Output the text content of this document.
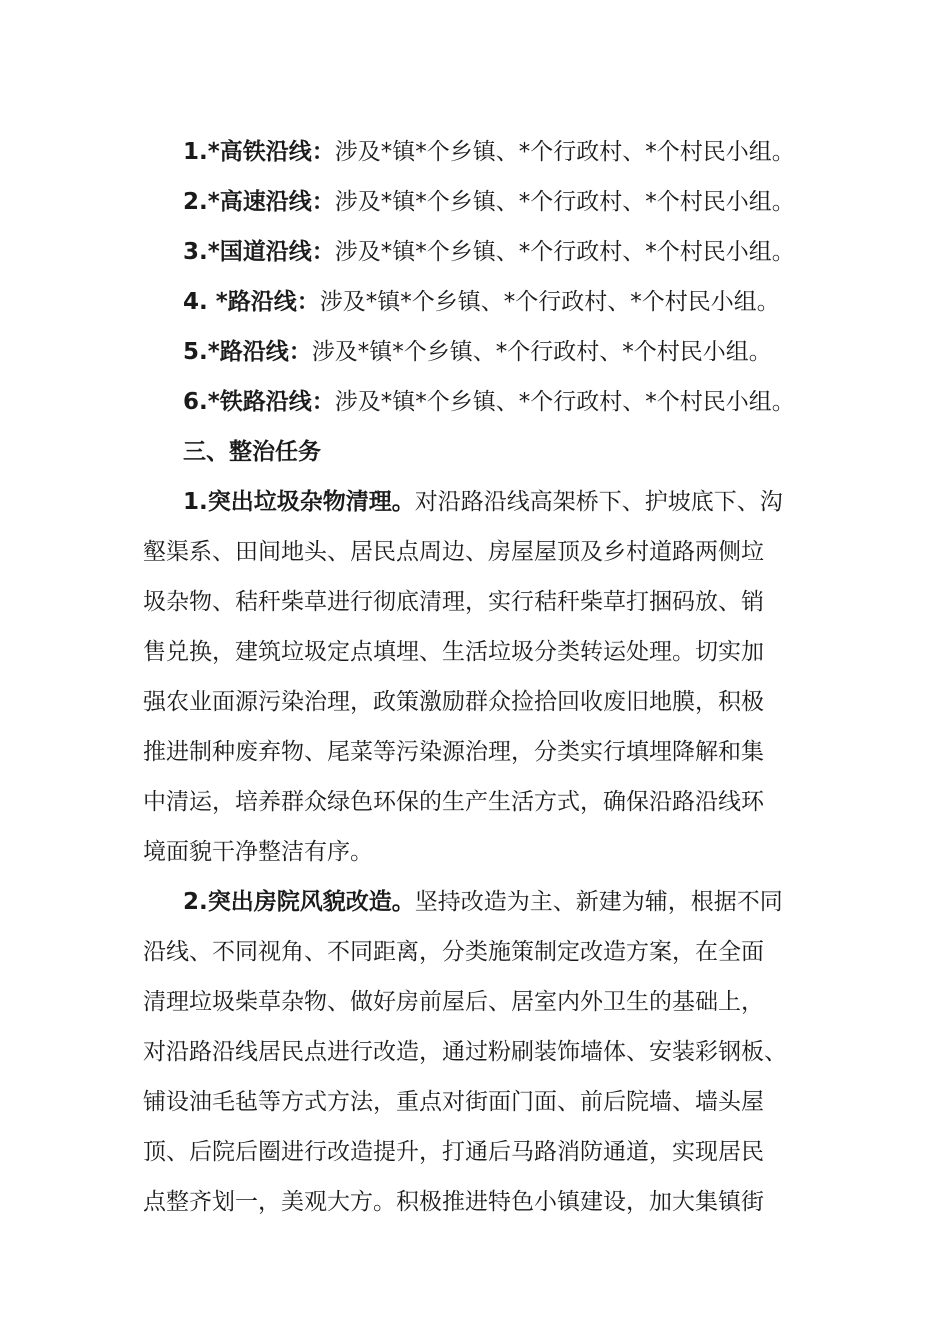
1.*高铁沿线：涉及*镇*个乡镇、*个行政村、*个村民小组。
2.*高速沿线：涉及*镇*个乡镇、*个行政村、*个村民小组。
3.*国道沿线：涉及*镇*个乡镇、*个行政村、*个村民小组。
4. *路沿线：涉及*镇*个乡镇、*个行政村、*个村民小组。
5.*路沿线：涉及*镇*个乡镇、*个行政村、*个村民小组。
6.*铁路沿线：涉及*镇*个乡镇、*个行政村、*个村民小组。
三、整治任务
1.突出垃圾杂物清理。对沿路沿线高架桥下、护坡底下、沟
壑渠系、田间地头、居民点周边、房屋屋顶及乡村道路两侧垃
圾杂物、秸秆柴草进行彻底清理，实行秸秆柴草打捆码放、销
售兑换，建筑垃圾定点填埋、生活垃圾分类转运处理。切实加
强农业面源污染治理，政策激励群众捡拾回收废旧地膜，积极
推进制种废弃物、尾菜等污染源治理，分类实行填埋降解和集
中清运，培养群众绿色环保的生产生活方式，确保沿路沿线环
境面貌干净整洁有序。
2.突出房院风貌改造。坚持改造为主、新建为辅，根据不同
沿线、不同视角、不同距离，分类施策制定改造方案，在全面
清理垃圾柴草杂物、做好房前屋后、居室内外卫生的基础上，
对沿路沿线居民点进行改造，通过粉刷装饰墙体、安装彩钢板、
铺设油毛毡等方式方法，重点对街面门面、前后院墙、墙头屋
顶、后院后圈进行改造提升，打通后马路消防通道，实现居民
点整齐划一，美观大方。积极推进特色小镇建设，加大集镇街
